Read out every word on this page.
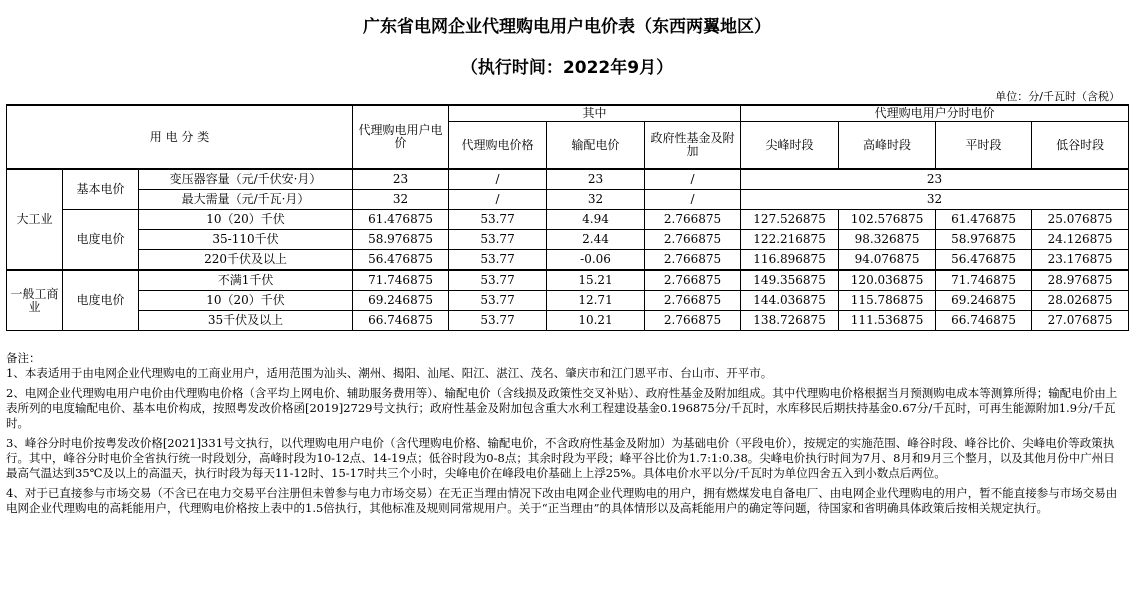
广东省电网企业代理购电用户电价表（东西两翼地区）
（执行时间：2022年9月）
单位：分/千瓦时（含税）
用 电 分 类			代理购电用户电价	其中			代理购电用户分时电价			
				代理购电价格	输配电价	政府性基金及附加	尖峰时段	高峰时段	平时段	低谷时段
大工业	基本电价	变压器容量（元/千伏安·月）	23	/	23	/	23			
		最大需量（元/千瓦·月）	32	/	32	/	32			
	电度电价	10（20）千伏	61.476875	53.77	4.94	2.766875	127.526875	102.576875	61.476875	25.076875
		35-110千伏	58.976875	53.77	2.44	2.766875	122.216875	98.326875	58.976875	24.126875
		220千伏及以上	56.476875	53.77	-0.06	2.766875	116.896875	94.076875	56.476875	23.176875
一般工商业	电度电价	不满1千伏	71.746875	53.77	15.21	2.766875	149.356875	120.036875	71.746875	28.976875
		10（20）千伏	69.246875	53.77	12.71	2.766875	144.036875	115.786875	69.246875	28.026875
		35千伏及以上	66.746875	53.77	10.21	2.766875	138.726875	111.536875	66.746875	27.076875

备注：

1、本表适用于由电网企业代理购电的工商业用户，适用范围为汕头、潮州、揭阳、汕尾、阳江、湛江、茂名、肇庆市和江门恩平市、台山市、开平市。

2、电网企业代理购电用户电价由代理购电价格（含平均上网电价、辅助服务费用等）、输配电价（含线损及政策性交叉补贴）、政府性基金及附加组成。其中代理购电价格根据当月预测购电成本等测算所得；输配电价由上表所列的电度输配电价、基本电价构成，按照粤发改价格函[2019]2729号文执行；政府性基金及附加包含重大水利工程建设基金0.196875分/千瓦时，水库移民后期扶持基金0.67分/千瓦时，可再生能源附加1.9分/千瓦时。

3、峰谷分时电价按粤发改价格[2021]331号文执行，以代理购电用户电价（含代理购电价格、输配电价，不含政府性基金及附加）为基础电价（平段电价），按规定的实施范围、峰谷时段、峰谷比价、尖峰电价等政策执行。其中，峰谷分时电价全省执行统一时段划分，高峰时段为10-12点、14-19点；低谷时段为0-8点；其余时段为平段；峰平谷比价为1.7:1:0.38。尖峰电价执行时间为7月、8月和9月三个整月，以及其他月份中广州日最高气温达到35℃及以上的高温天，执行时段为每天11-12时、15-17时共三个小时，尖峰电价在峰段电价基础上上浮25%。具体电价水平以分/千瓦时为单位四舍五入到小数点后两位。

4、对于已直接参与市场交易（不含已在电力交易平台注册但未曾参与电力市场交易）在无正当理由情况下改由电网企业代理购电的用户，拥有燃煤发电自备电厂、由电网企业代理购电的用户，暂不能直接参与市场交易由电网企业代理购电的高耗能用户，代理购电价格按上表中的1.5倍执行，其他标准及规则同常规用户。关于“正当理由”的具体情形以及高耗能用户的确定等问题，待国家和省明确具体政策后按相关规定执行。
